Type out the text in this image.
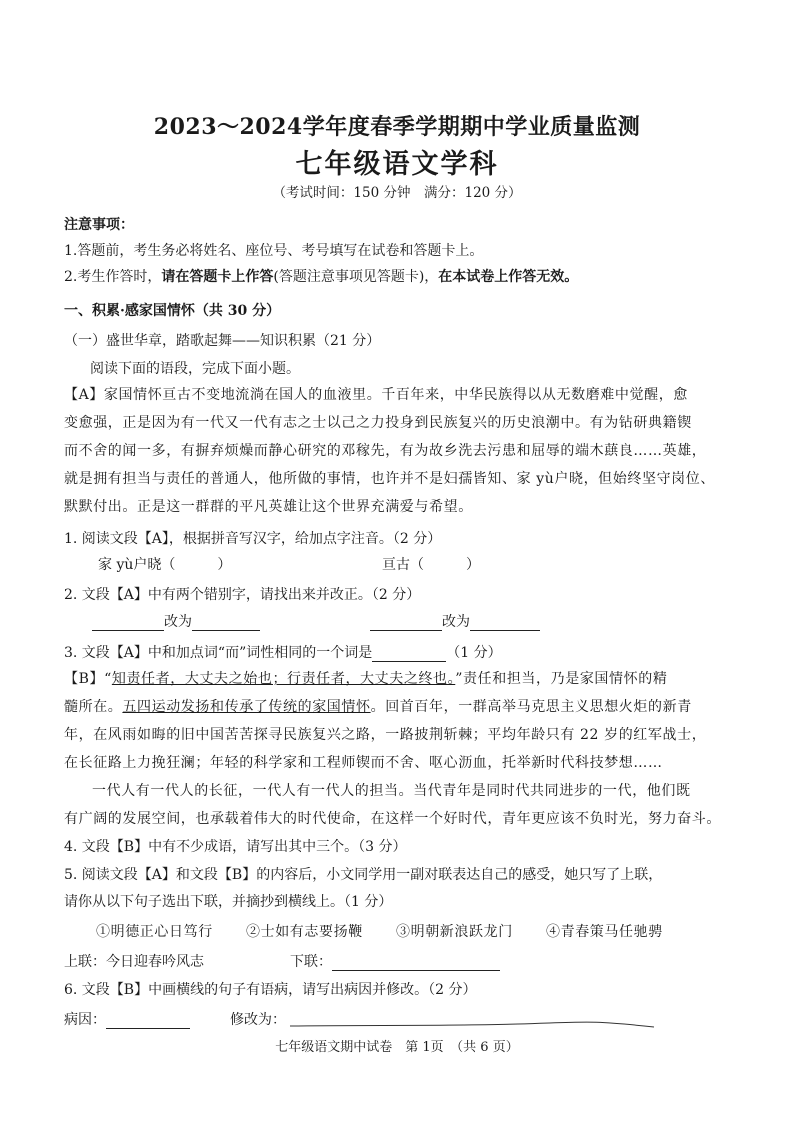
2023～2024学年度春季学期期中学业质量监测
七年级语文学科
（考试时间：150 分钟　满分：120 分）
注意事项：
1.答题前，考生务必将姓名、座位号、考号填写在试卷和答题卡上。
2.考生作答时，请在答题卡上作答(答题注意事项见答题卡)，在本试卷上作答无效。
一、积累·感家国情怀（共 30 分）
（一）盛世华章，踏歌起舞——知识积累（21 分）
阅读下面的语段，完成下面小题。
【A】家国情怀亘古不变地流淌在国人的血液里。千百年来，中华民族得以从无数磨难中觉醒，愈
变愈强，正是因为有一代又一代有志之士以己之力投身到民族复兴的历史浪潮中。有为钻研典籍锲
而不舍的闻一多，有摒弃烦燥而静心研究的邓稼先，有为故乡洗去污患和屈辱的端木蕻良……英雄，
就是拥有担当与责任的普通人，他所做的事情，也许并不是妇孺皆知、家 yù户晓，但始终坚守岗位、
默默付出。正是这一群群的平凡英雄让这个世界充满爱与希望。
1. 阅读文段【A】，根据拼音写汉字，给加点字注音。（2 分）
家 yù户晓（　　　）	亘古（　　　）
2. 文段【A】中有两个错别字，请找出来并改正。（2 分）
改为	改为
3. 文段【A】中和加点词“而”词性相同的一个词是	（1 分）
【B】“知责任者，大丈夫之始也；行责任者，大丈夫之终也。”责任和担当，乃是家国情怀的精
髓所在。五四运动发扬和传承了传统的家国情怀。回首百年，一群高举马克思主义思想火炬的新青
年，在风雨如晦的旧中国苦苦探寻民族复兴之路，一路披荆斩棘；平均年龄只有 22 岁的红军战士，
在长征路上力挽狂澜；年轻的科学家和工程师锲而不舍、呕心沥血，托举新时代科技梦想……
一代人有一代人的长征，一代人有一代人的担当。当代青年是同时代共同进步的一代，他们既
有广阔的发展空间，也承载着伟大的时代使命，在这样一个好时代，青年更应该不负时光，努力奋斗。
4. 文段【B】中有不少成语，请写出其中三个。（3 分）
5. 阅读文段【A】和文段【B】的内容后，小文同学用一副对联表达自己的感受，她只写了上联，
请你从以下句子选出下联，并摘抄到横线上。（1 分）
①明德正心日笃行 ②士如有志要扬鞭 ③明朝新浪跃龙门 ④青春策马任驰骋
上联：今日迎春吟风志	下联：
6. 文段【B】中画横线的句子有语病，请写出病因并修改。（2 分）
病因：	修改为：
七年级语文期中试卷　第 1页　（共 6 页）
